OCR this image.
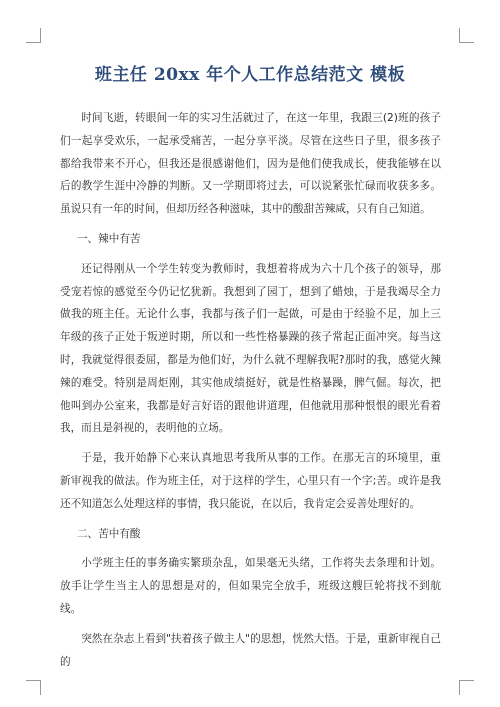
班主任 20xx 年个人工作总结范文 模板

时间飞逝，转眼间一年的实习生活就过了，在这一年里，我跟三(2)班的孩子们一起享受欢乐，一起承受痛苦，一起分享平淡。尽管在这些日子里，很多孩子都给我带来不开心，但我还是很感谢他们，因为是他们使我成长，使我能够在以后的教学生涯中冷静的判断。又一学期即将过去，可以说紧张忙碌而收获多多。虽说只有一年的时间，但却历经各种滋味，其中的酸甜苦辣咸，只有自己知道。

一、辣中有苦

还记得刚从一个学生转变为教师时，我想着将成为六十几个孩子的领导，那受宠若惊的感觉至今仍记忆犹新。我想到了园丁，想到了蜡烛，于是我竭尽全力做我的班主任。无论什么事，我都与孩子们一起做，可是由于经验不足，加上三年级的孩子正处于叛逆时期，所以和一些性格暴躁的孩子常起正面冲突。每当这时，我就觉得很委屈，都是为他们好，为什么就不理解我呢?那时的我，感觉火辣辣的难受。特别是周炬刚，其实他成绩挺好，就是性格暴躁，脾气倔。每次，把他叫到办公室来，我都是好言好语的跟他讲道理，但他就用那种恨恨的眼光看着我，而且是斜视的，表明他的立场。

于是，我开始静下心来认真地思考我所从事的工作。在那无言的环境里，重新审视我的做法。作为班主任，对于这样的学生，心里只有一个字;苦。或许是我还不知道怎么处理这样的事情，我只能说，在以后，我肯定会妥善处理好的。

二、苦中有酸

小学班主任的事务确实繁琐杂乱，如果毫无头绪，工作将失去条理和计划。放手让学生当主人的思想是对的，但如果完全放手，班级这艘巨轮将找不到航线。

突然在杂志上看到"扶着孩子做主人"的思想，恍然大悟。于是，重新审视自己的
